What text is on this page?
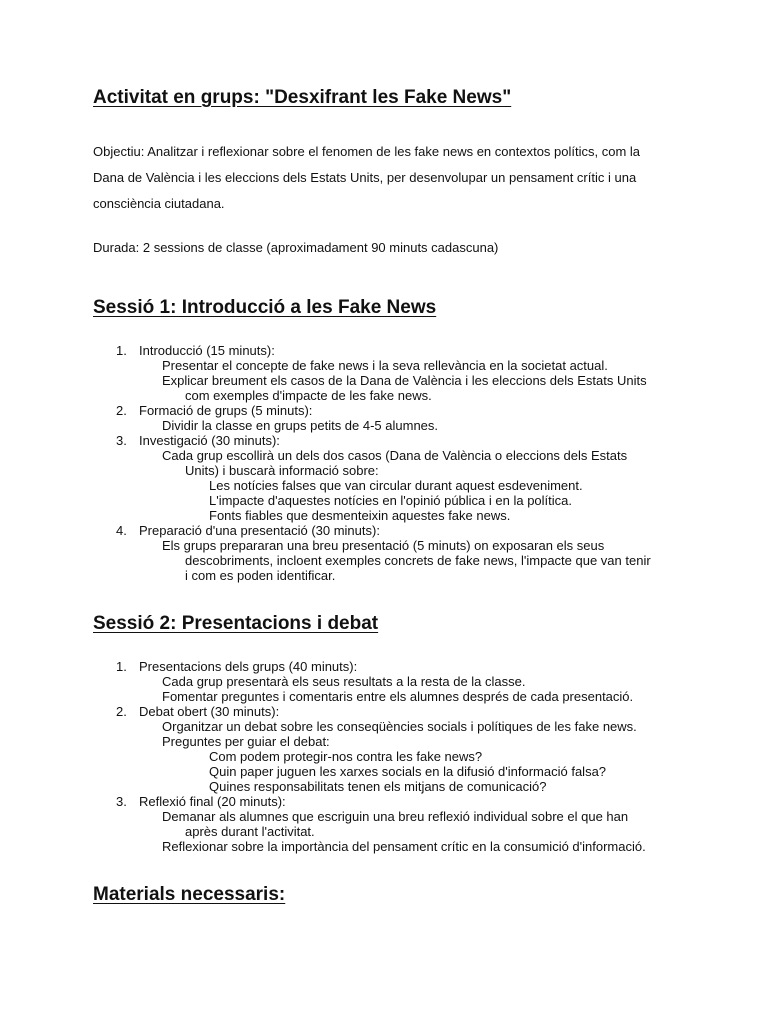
Activitat en grups: "Desxifrant les Fake News"

Objectiu: Analitzar i reflexionar sobre el fenomen de les fake news en contextos polítics, com la
Dana de València i les eleccions dels Estats Units, per desenvolupar un pensament crític i una
consciència ciutadana.

Durada: 2 sessions de classe (aproximadament 90 minuts cadascuna)

Sessió 1: Introducció a les Fake News
1. Introducció (15 minuts):
Presentar el concepte de fake news i la seva rellevància en la societat actual.
Explicar breument els casos de la Dana de València i les eleccions dels Estats Units
com exemples d'impacte de les fake news.
2. Formació de grups (5 minuts):
Dividir la classe en grups petits de 4-5 alumnes.
3. Investigació (30 minuts):
Cada grup escollirà un dels dos casos (Dana de València o eleccions dels Estats
Units) i buscarà informació sobre:
Les notícies falses que van circular durant aquest esdeveniment.
L'impacte d'aquestes notícies en l'opinió pública i en la política.
Fonts fiables que desmenteixin aquestes fake news.
4. Preparació d'una presentació (30 minuts):
Els grups prepararan una breu presentació (5 minuts) on exposaran els seus
descobriments, incloent exemples concrets de fake news, l'impacte que van tenir
i com es poden identificar.
Sessió 2: Presentacions i debat
1. Presentacions dels grups (40 minuts):
Cada grup presentarà els seus resultats a la resta de la classe.
Fomentar preguntes i comentaris entre els alumnes després de cada presentació.
2. Debat obert (30 minuts):
Organitzar un debat sobre les conseqüències socials i polítiques de les fake news.
Preguntes per guiar el debat:
Com podem protegir-nos contra les fake news?
Quin paper juguen les xarxes socials en la difusió d'informació falsa?
Quines responsabilitats tenen els mitjans de comunicació?
3. Reflexió final (20 minuts):
Demanar als alumnes que escriguin una breu reflexió individual sobre el que han
après durant l'activitat.
Reflexionar sobre la importància del pensament crític en la consumició d'informació.
Materials necessaris:
